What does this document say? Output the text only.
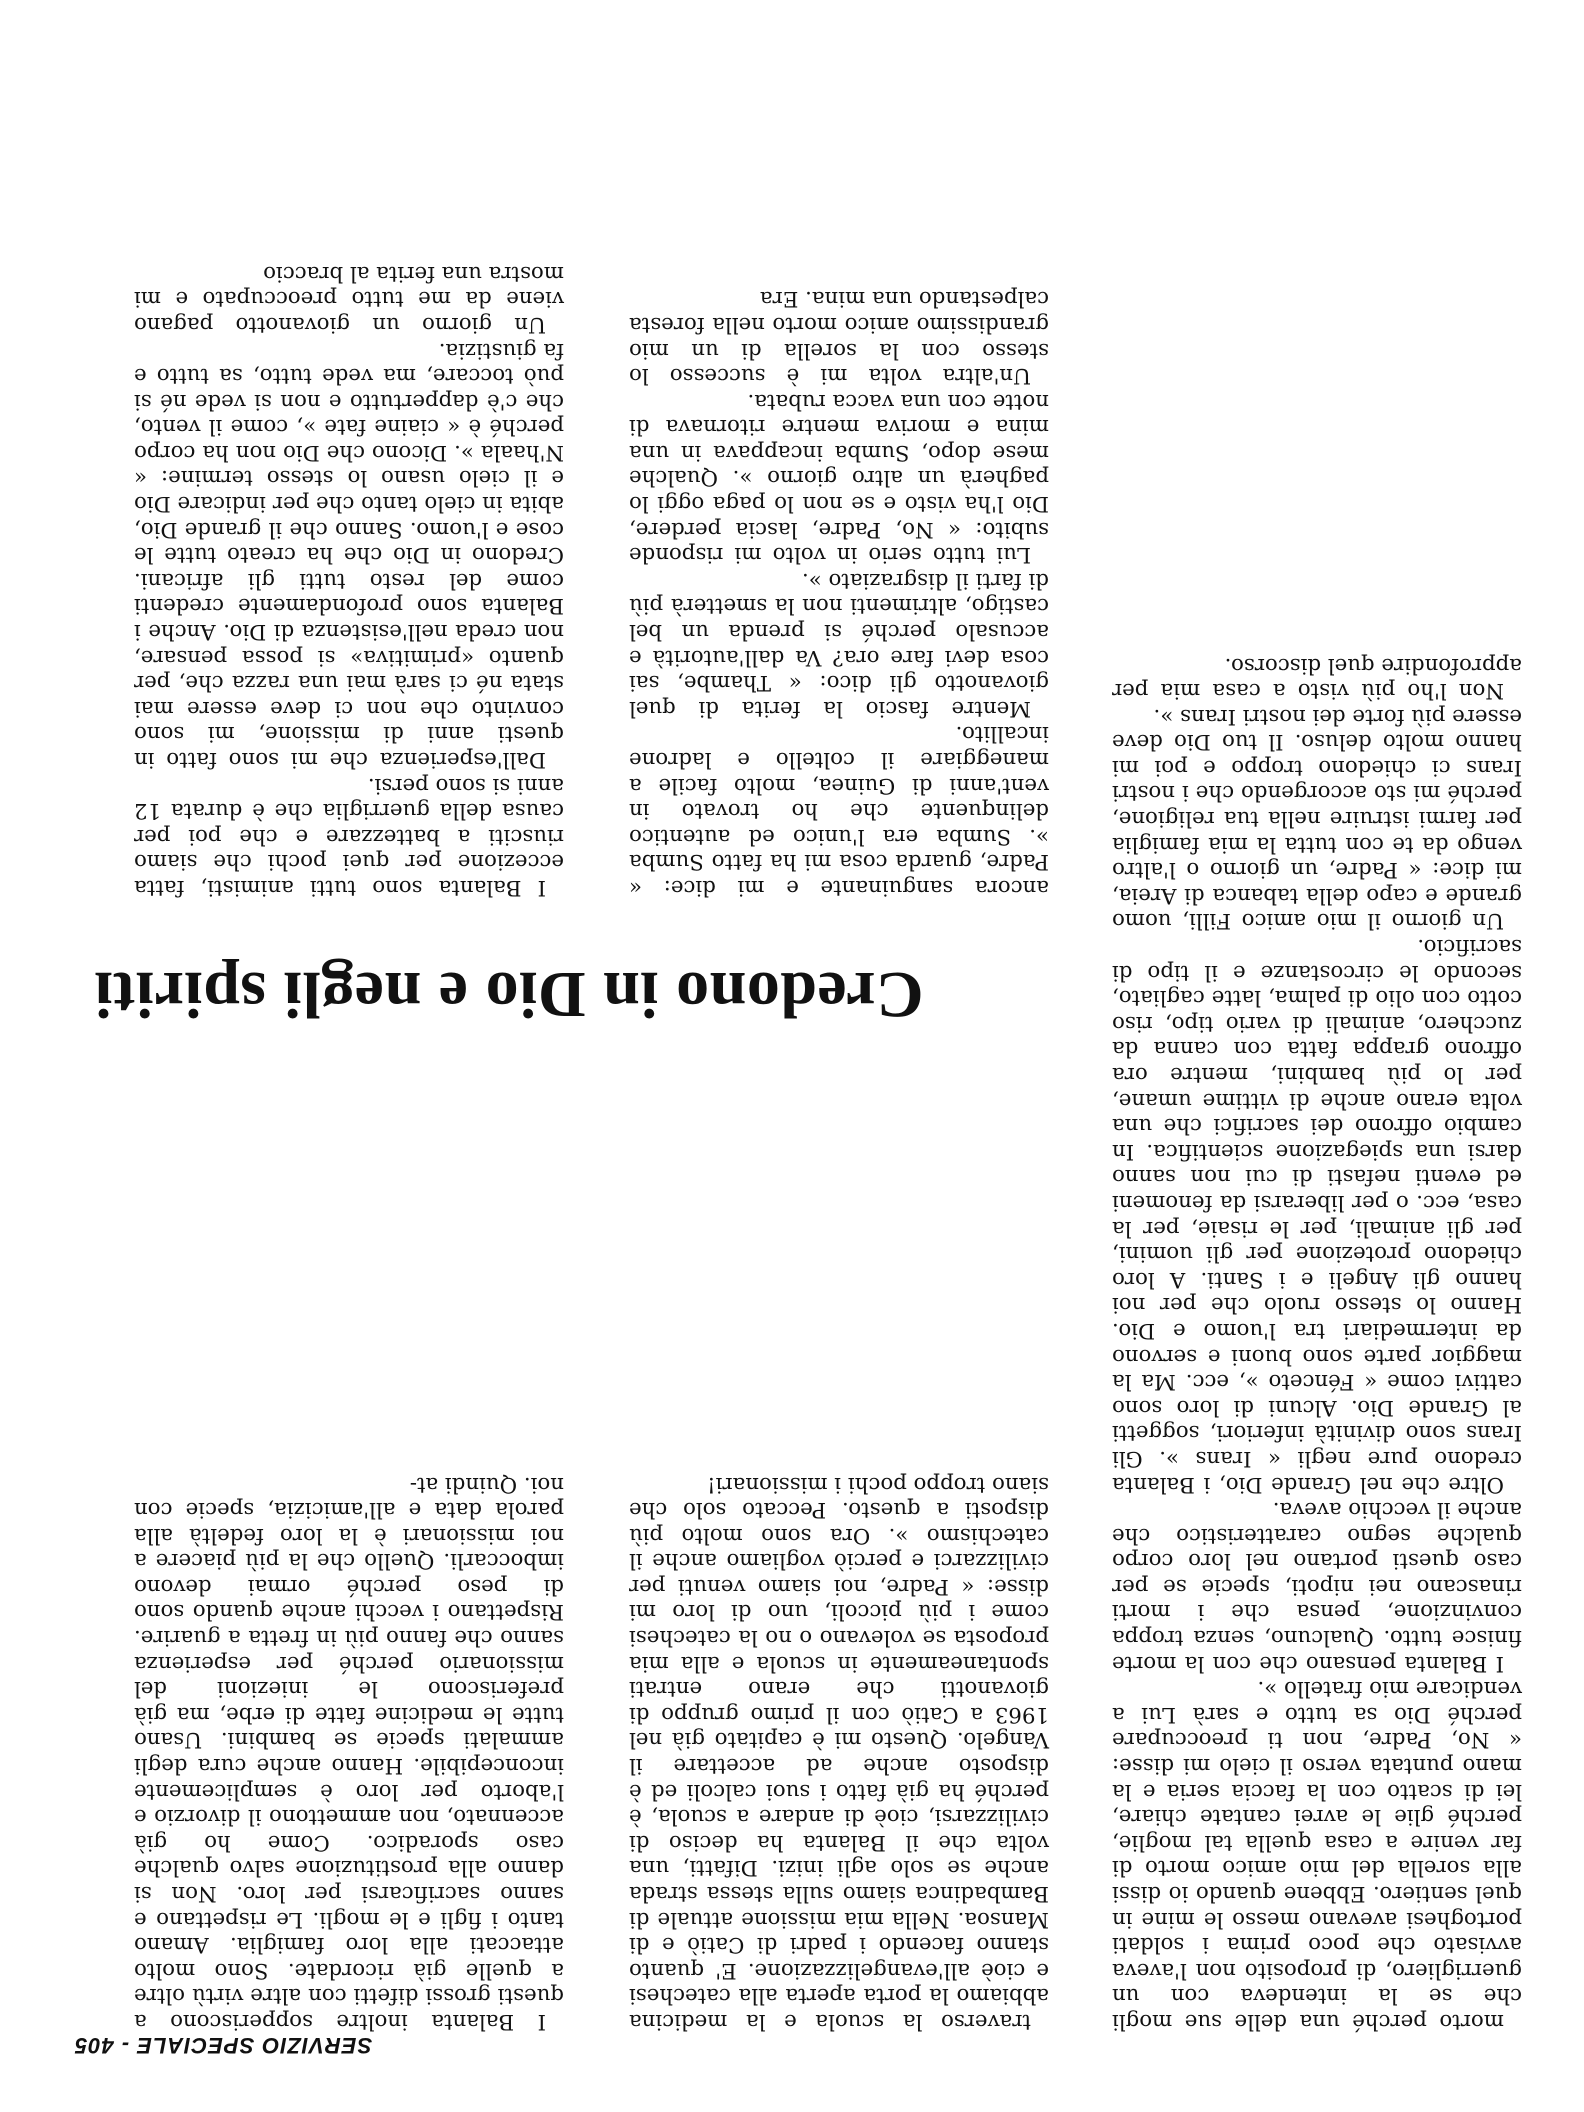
SERVIZIO SPECIALE - 405

morto perché una delle sue mogli che se la intendeva con un guerrigliero, di proposito non l'aveva avvisato che poco prima i soldati portoghesi avevano messo le mine in quel sentiero. Ebbene quando io dissi alla sorella del mio amico morto di far venire a casa quella tal moglie, perché glie le avrei cantate chiare, lei di scatto con la faccia seria e la mano puntata verso il cielo mi disse: « No, Padre, non ti preoccupare perché Dio sa tutto e sarà Lui a vendicare mio fratello ».

I Balanta pensano che con la morte finisce tutto. Qualcuno, senza troppa convinzione, pensa che i morti rinascano nei nipoti, specie se per caso questi portano nel loro corpo qualche segno caratteristico che anche il vecchio aveva.

Oltre che nel Grande Dio, i Balanta credono pure negli « Irans ». Gli Irans sono divinità inferiori, soggetti al Grande Dio. Alcuni di loro sono cattivi come « Fénceto », ecc. Ma la maggior parte sono buoni e servono da intermediari tra l'uomo e Dio. Hanno lo stesso ruolo che per noi hanno gli Angeli e i Santi. A loro chiedono protezione per gli uomini, per gli animali, per le risaie, per la casa, ecc. o per liberarsi da fenomeni ed eventi nefasti di cui non sanno darsi una spiegazione scientifica. In cambio offrono dei sacrifici che una volta erano anche di vittime umane, per lo più bambini, mentre ora offrono grappa fatta con canna da zucchero, animali di vario tipo, riso cotto con olio di palma, latte cagliato, secondo le circostanze e il tipo di sacrificio.

Un giorno il mio amico Filli, uomo grande e capo della tabanca di Areia, mi dice: « Padre, un giorno o l'altro vengo da te con tutta la mia famiglia per farmi istruire nella tua religione, perché mi sto accorgendo che i nostri Irans ci chiedono troppo e poi mi hanno molto deluso. Il tuo Dio deve essere più forte dei nostri Irans ».

Non l'ho più visto a casa mia per approfondire quel discorso.

traverso la scuola e la medicina abbiamo la porta aperta alla catechesi e cioè all'evangelizzazione. E' quanto stanno facendo i padri di Catiò e di Mansoa. Nella mia missione attuale di Bambadinca siamo sulla stessa strada anche se solo agli inizi. Difatti, una volta che il Balanta ha deciso di civilizzarsi, cioè di andare a scuola, è perché ha già fatto i suoi calcoli ed è disposto anche ad accettare il Vangelo. Questo mi è capitato già nel 1963 a Catiò con il primo gruppo di giovanotti che erano entrati spontaneamente in scuola e alla mia proposta se volevano o no la catechesi come i più piccoli, uno di loro mi disse: « Padre, noi siamo venuti per civilizzarci e perciò vogliamo anche il catechismo ». Ora sono molto più disposti a questo. Peccato solo che siano troppo pochi i missionari!

I Balanta inoltre sopperiscono a questi grossi difetti con altre virtù oltre a quelle già ricordate. Sono molto attaccati alla loro famiglia. Amano tanto i figli e le mogli. Le rispettano e sanno sacrificarsi per loro. Non si danno alla prostituzione salvo qualche caso sporadico. Come ho già accennato, non ammettono il divorzio e l'aborto per loro è semplicemente inconcepibile. Hanno anche cura degli ammalati specie se bambini. Usano tutte le medicine fatte di erbe, ma già preferiscono le iniezioni del missionario perché per esperienza sanno che fanno più in fretta a guarire. Rispettano i vecchi anche quando sono di peso perché ormai devono imboccarli. Quello che la più piacere a noi missionari è la loro fedeltà alla parola data e all'amicizia, specie con noi. Quindi at-

Credono in Dio e negli spiriti

ancora sanguinante e mi dice: « Padre, guarda cosa mi ha fatto Sumba ». Sumba era l'unico ed autentico delinquente che ho trovato in vent'anni di Guinea, molto facile a maneggiare il coltello e ladrone incallito.

Mentre fascio la ferita di quel giovanotto gli dico: « Thambe, sai cosa devi fare ora? Va dall'autorità e accusalo perché si prenda un bel castigo, altrimenti non la smetterà più di farti il disgraziato ».

Lui tutto serio in volto mi risponde subito: « No, Padre, lascia perdere, Dio l'ha visto e se non lo paga oggi lo pagherà un altro giorno ». Qualche mese dopo, Sumba incappava in una mina e moriva mentre ritornava di notte con una vacca rubata.

Un'altra volta mi è successo lo stesso con la sorella di un mio grandissimo amico morto nella foresta calpestando una mina. Era

I Balanta sono tutti animisti, fatta eccezione per quei pochi che siamo riusciti a battezzare e che poi per causa della guerriglia che è durata 12 anni si sono persi.

Dall'esperienza che mi sono fatto in questi anni di missione, mi sono convinto che non ci deve essere mai stata né ci sarà mai una razza che, per quanto «primitiva» si possa pensare, non creda nell'esistenza di Dio. Anche i Balanta sono profondamente credenti come del resto tutti gli africani. Credono in Dio che ha creato tutte le cose e l'uomo. Sanno che il grande Dio, abita in cielo tanto che per indicare Dio e il cielo usano lo stesso termine: « N'haala ». Dicono che Dio non ha corpo perché è « ciaine fate », come il vento, che c'è dappertutto e non si vede né si può toccare, ma vede tutto, sa tutto e fa giustizia.

Un giorno un giovanotto pagano viene da me tutto preoccupato e mi mostra una ferita al braccio
